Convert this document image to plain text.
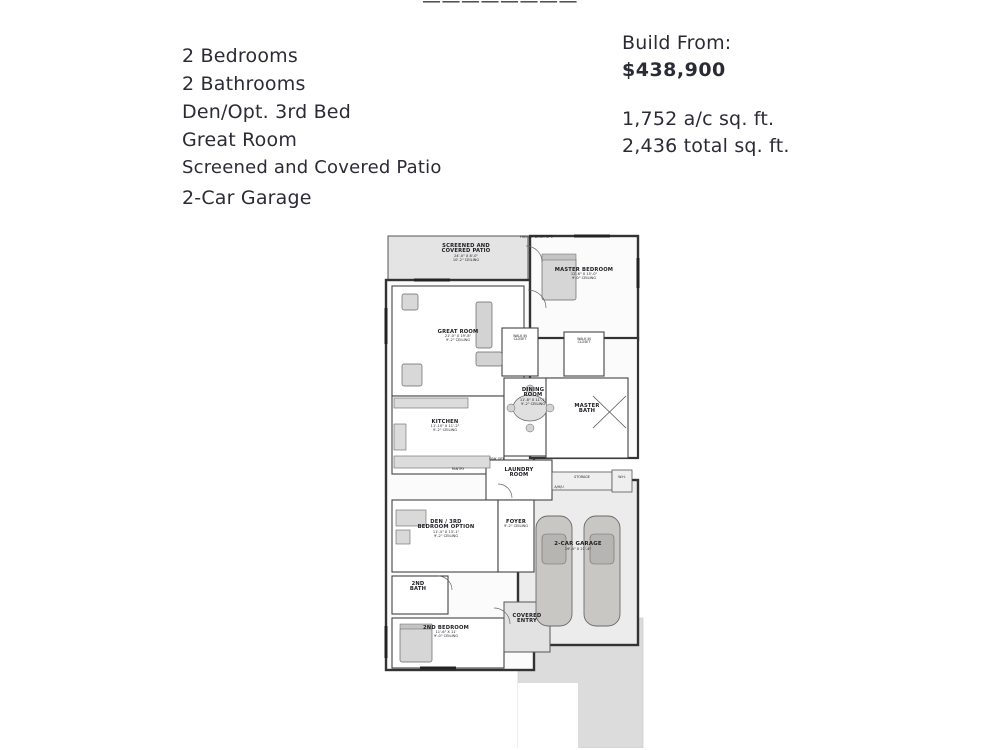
2 Bedrooms
2 Bathrooms
Den/Opt. 3rd Bed
Great Room
Screened and Covered Patio
2-Car Garage
Build From:
$438,900
1,752 a/c sq. ft.
2,436 total sq. ft.
SCREENED AND
COVERED PATIO
24'-0" X 8'-0"
10'-2" CEILING
FRENCH DOOR OPT.
MASTER BEDROOM
12'-6" X 15'-0"
9'-0" CEILING
GREAT ROOM
21'-0" X 19'-8"
9'-2" CEILING
WALK IN
CLOSET	WALK IN
CLOSET
DINING
ROOM
11'-8" X 11'-1"
9'-2" CEILING
KITCHEN
11'-10" X 11'-2"
9'-2" CEILING
MASTER
BATH
LAUNDRY
ROOM
SINK OPT.
PANTRY
STORAGE	W.H.
A/H/U
DEN / 3RD
BEDROOM OPTION
11'-4" X 13'-1"
9'-2" CEILING
FOYER
9'-2" CEILING
2ND
BATH
2ND BEDROOM
11'-6" X 11'
9'-0" CEILING
COVERED
ENTRY
2-CAR GARAGE
19'-4" X 21'-4"
